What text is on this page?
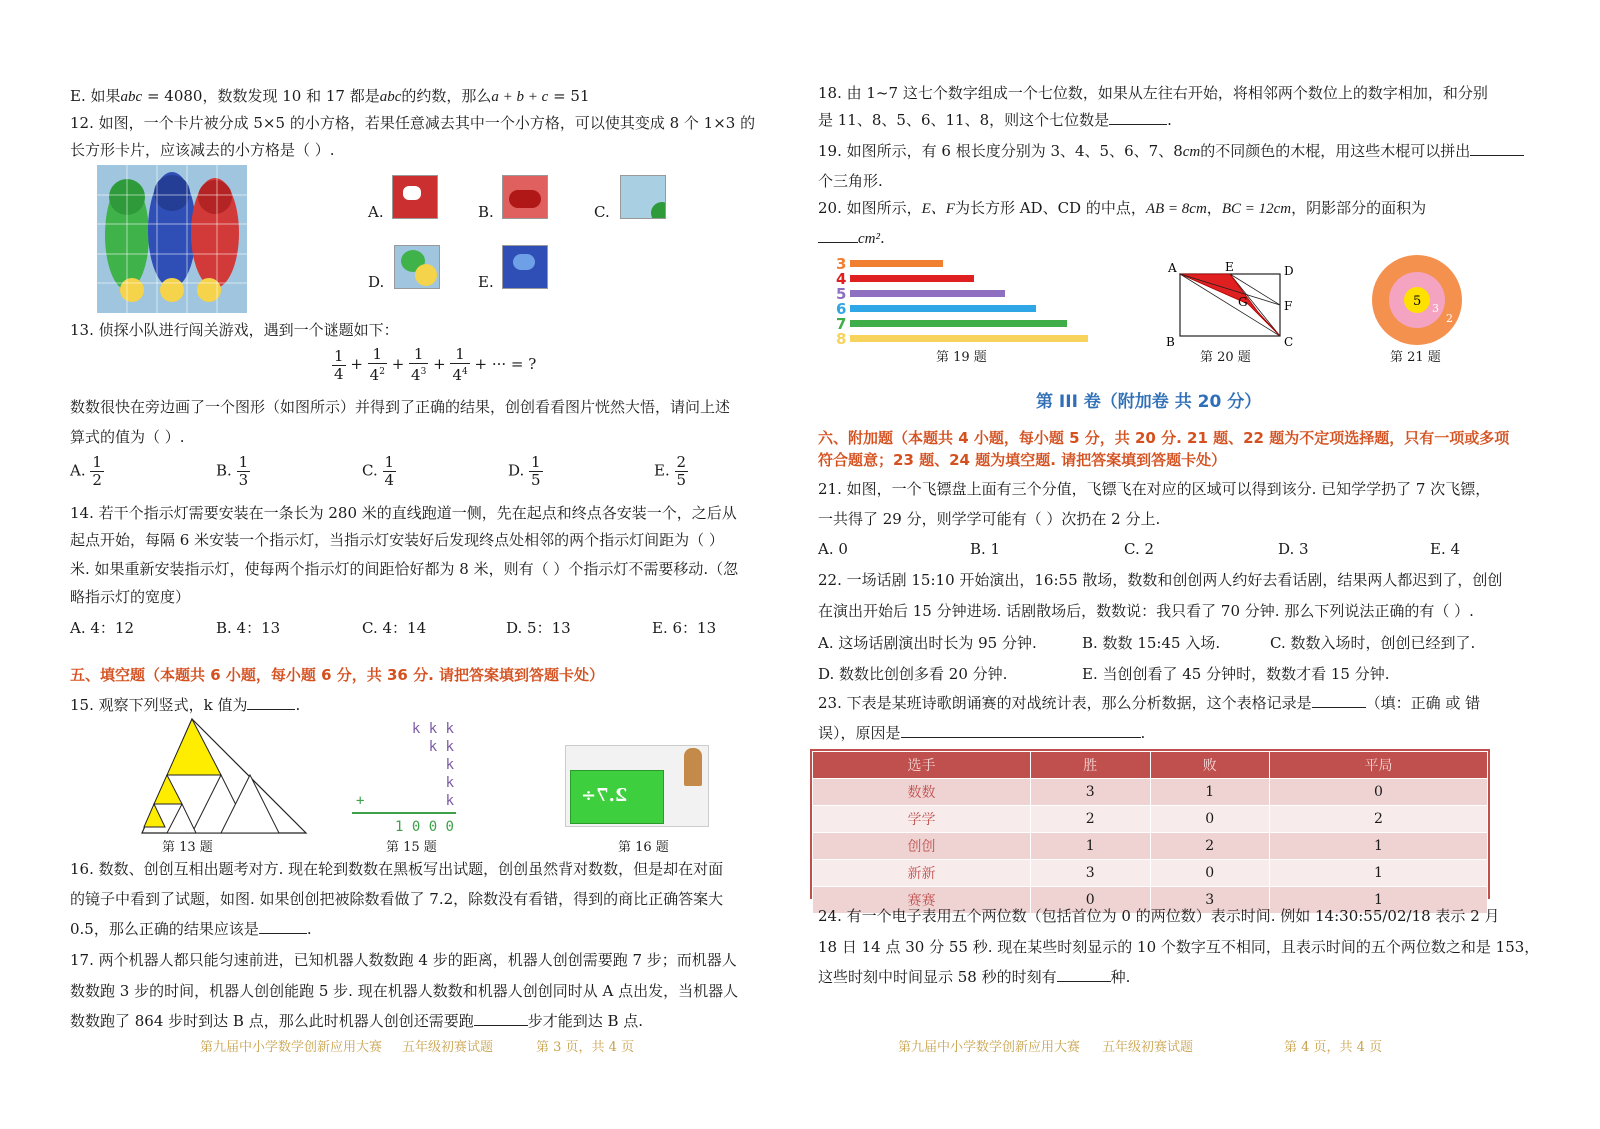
E. 如果abc = 4080，数数发现 10 和 17 都是abc的约数，那么a + b + c = 51
12. 如图，一个卡片被分成 5×5 的小方格，若果任意减去其中一个小方格，可以使其变成 8 个 1×3 的
长方形卡片，应该减去的小方格是（ ）.
A.	B.	C.
D.	E.
13. 侦探小队进行闯关游戏，遇到一个谜题如下：
$\frac{1}{4} + \frac{1}{4^2} + \frac{1}{4^3} + \frac{1}{4^4}$ + ··· = ?
数数很快在旁边画了一个图形（如图所示）并得到了正确的结果，创创看看图片恍然大悟，请问上述
算式的值为（ ）.
A. $\frac{1}{2}$	B. $\frac{1}{3}$	C. $\frac{1}{4}$	D. $\frac{1}{5}$	E. $\frac{2}{5}$
14. 若干个指示灯需要安装在一条长为 280 米的直线跑道一侧，先在起点和终点各安装一个，之后从
起点开始，每隔 6 米安装一个指示灯，当指示灯安装好后发现终点处相邻的两个指示灯间距为（ ）
米. 如果重新安装指示灯，使每两个指示灯的间距恰好都为 8 米，则有（ ）个指示灯不需要移动.（忽
略指示灯的宽度）
A. 4：12	B. 4：13	C. 4：14	D. 5：13	E. 6：13
五、填空题（本题共 6 小题，每小题 6 分，共 36 分. 请把答案填到答题卡处）
15. 观察下列竖式，k 值为	.
第 13 题
k k k
k k
k
k
k
+
1 0 0 0
第 15 题
2.7÷
第 16 题
16. 数数、创创互相出题考对方. 现在轮到数数在黑板写出试题，创创虽然背对数数，但是却在对面
的镜子中看到了试题，如图. 如果创创把被除数看做了 7.2，除数没有看错，得到的商比正确答案大
0.5，那么正确的结果应该是	.
17. 两个机器人都只能匀速前进，已知机器人数数跑 4 步的距离，机器人创创需要跑 7 步；而机器人
数数跑 3 步的时间，机器人创创能跑 5 步. 现在机器人数数和机器人创创同时从 A 点出发，当机器人
数数跑了 864 步时到达 B 点，那么此时机器人创创还需要跑	步才能到达 B 点.
第九届中小学数学创新应用大赛 五年级初赛试题	第 3 页，共 4 页
18. 由 1~7 这七个数字组成一个七位数，如果从左往右开始，将相邻两个数位上的数字相加，和分别
是 11、8、5、6、11、8，则这个七位数是	.
19. 如图所示，有 6 根长度分别为 3、4、5、6、7、8cm的不同颜色的木棍，用这些木棍可以拼出
个三角形.
20. 如图所示，E、F为长方形 AD、CD 的中点，AB = 8cm，BC = 12cm，阴影部分的面积为
cm².
3
4
5
6
7
8
第 19 题
A	E	D
G	F
B	C
第 20 题
5 3
2
第 21 题
第 III 卷（附加卷 共 20 分）
六、附加题（本题共 4 小题，每小题 5 分，共 20 分. 21 题、22 题为不定项选择题，只有一项或多项
符合题意；23 题、24 题为填空题. 请把答案填到答题卡处）
21. 如图，一个飞镖盘上面有三个分值，飞镖飞在对应的区域可以得到该分. 已知学学扔了 7 次飞镖，
一共得了 29 分，则学学可能有（ ）次扔在 2 分上.
A. 0	B. 1	C. 2	D. 3	E. 4
22. 一场话剧 15:10 开始演出，16:55 散场，数数和创创两人约好去看话剧，结果两人都迟到了，创创
在演出开始后 15 分钟进场. 话剧散场后，数数说：我只看了 70 分钟. 那么下列说法正确的有（ ）.
A. 这场话剧演出时长为 95 分钟.	B. 数数 15:45 入场.	C. 数数入场时，创创已经到了.
D. 数数比创创多看 20 分钟.	E. 当创创看了 45 分钟时，数数才看 15 分钟.
23. 下表是某班诗歌朗诵赛的对战统计表，那么分析数据，这个表格记录是	（填：正确 或 错
误），原因是	.
选手	胜	败	平局
数数	3	1	0
学学	2	0	2
创创	1	2	1
新新	3	0	1
赛赛	0	3	1
24. 有一个电子表用五个两位数（包括首位为 0 的两位数）表示时间. 例如 14:30:55/02/18 表示 2 月
18 日 14 点 30 分 55 秒. 现在某些时刻显示的 10 个数字互不相同，且表示时间的五个两位数之和是 153，
这些时刻中时间显示 58 秒的时刻有	种.
第九届中小学数学创新应用大赛 五年级初赛试题	第 4 页，共 4 页
